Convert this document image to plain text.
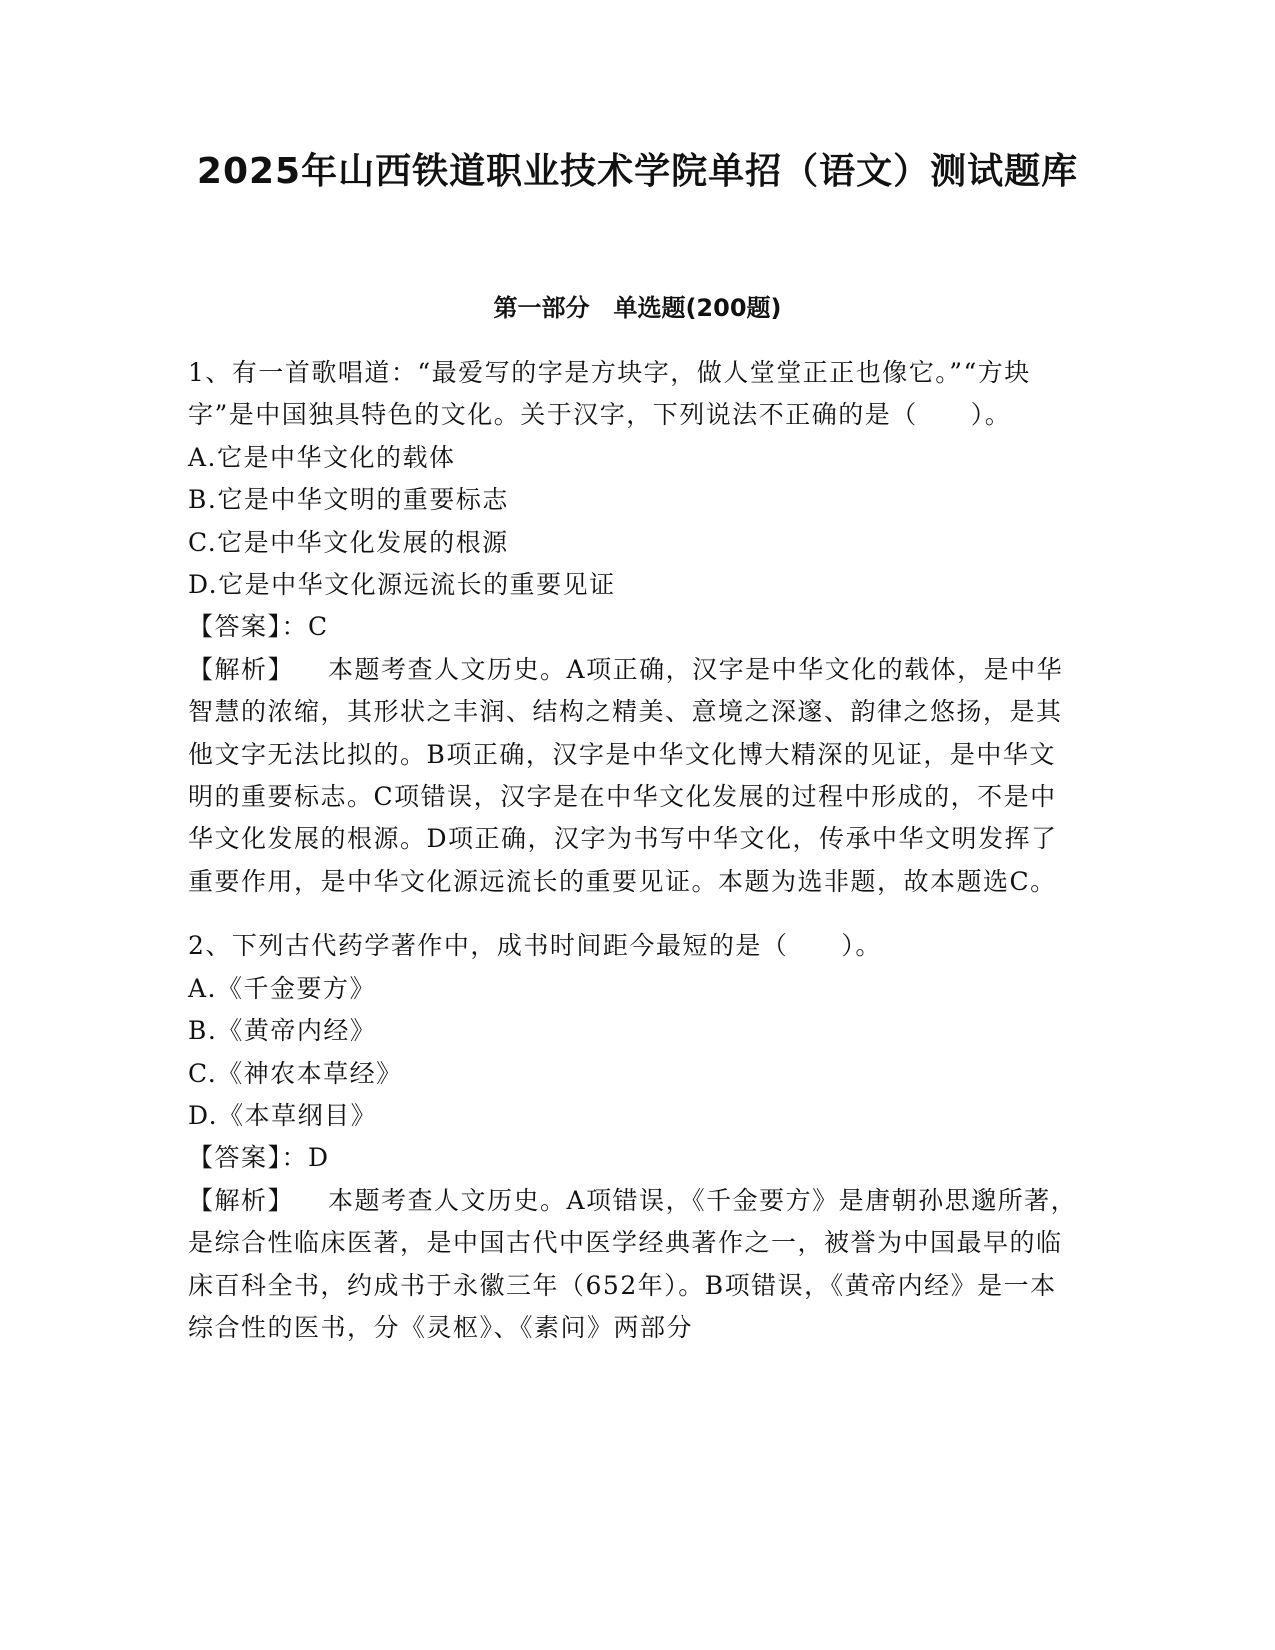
2025年山西铁道职业技术学院单招（语文）测试题库
第一部分　单选题(200题)

1、有一首歌唱道：“最爱写的字是方块字，做人堂堂正正也像它。”“方块字”是中国独具特色的文化。关于汉字，下列说法不正确的是（　　）。

A.它是中华文化的载体

B.它是中华文明的重要标志

C.它是中华文化发展的根源

D.它是中华文化源远流长的重要见证

【答案】：C

【解析】 本题考查人文历史。A项正确，汉字是中华文化的载体，是中华智慧的浓缩，其形状之丰润、结构之精美、意境之深邃、韵律之悠扬，是其他文字无法比拟的。B项正确，汉字是中华文化博大精深的见证，是中华文明的重要标志。C项错误，汉字是在中华文化发展的过程中形成的，不是中华文化发展的根源。D项正确，汉字为书写中华文化，传承中华文明发挥了重要作用，是中华文化源远流长的重要见证。本题为选非题，故本题选C。

2、下列古代药学著作中，成书时间距今最短的是（　　）。

A.《千金要方》

B.《黄帝内经》

C.《神农本草经》

D.《本草纲目》

【答案】：D

【解析】 本题考查人文历史。A项错误，《千金要方》是唐朝孙思邈所著，是综合性临床医著，是中国古代中医学经典著作之一，被誉为中国最早的临床百科全书，约成书于永徽三年（652年）。B项错误，《黄帝内经》是一本综合性的医书，分《灵枢》、《素问》两部分
